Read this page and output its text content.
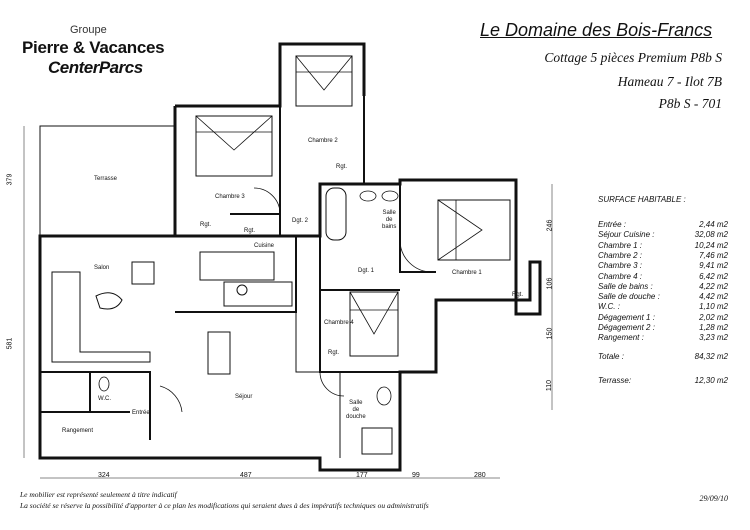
Groupe
Pierre & Vacances
CenterParcs
Le Domaine des Bois-Francs
Cottage 5 pièces Premium P8b S
Hameau 7 - Ilot 7B
P8b S - 701
Terrasse
Chambre 2
Chambre 3
Chambre 1
Chambre 4
Salon
Cuisine
Séjour
Entrée
W.C.
Rangement
Dgt. 1
Dgt. 2
Salle
de
bains
Salle
de
douche
Rgt.
Rgt.
Rgt.
Rgt.
Rgt.
379
581
324	487	177	99	280
246
106
150
110
SURFACE HABITABLE :
Entrée :	2,44 m2
Séjour Cuisine :	32,08 m2
Chambre 1 :	10,24 m2
Chambre 2 :	7,46 m2
Chambre 3 :	9,41 m2
Chambre 4 :	6,42 m2
Salle de bains :	4,22 m2
Salle de douche :	4,42 m2
W.C. :	1,10 m2
Dégagement 1 :	2,02 m2
Dégagement 2 :	1,28 m2
Rangement :	3,23 m2
Totale :	84,32 m2
Terrasse:	12,30 m2
Le mobilier est représenté seulement à titre indicatif
La société se réserve la possibilité d'apporter à ce plan les modifications qui seraient dues à des impératifs techniques ou administratifs
29/09/10
